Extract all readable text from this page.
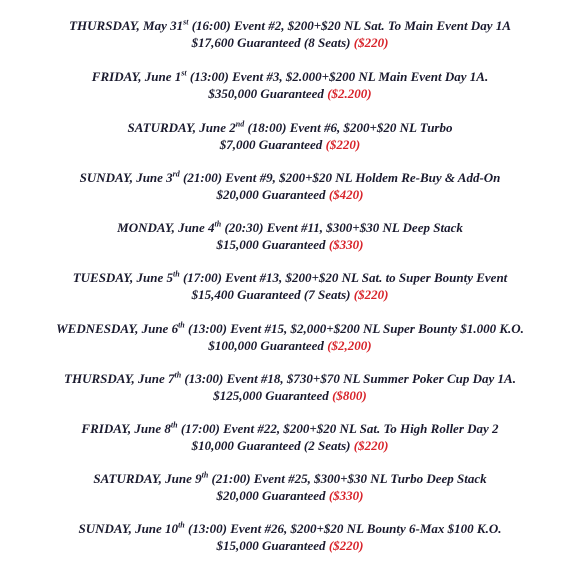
THURSDAY, May 31st (16:00) Event #2, $200+$20 NL Sat. To Main Event Day 1A
$17,600 Guaranteed (8 Seats) ($220)
FRIDAY, June 1st (13:00) Event #3, $2.000+$200 NL Main Event Day 1A.
$350,000 Guaranteed ($2.200)
SATURDAY, June 2nd (18:00) Event #6, $200+$20 NL Turbo
$7,000 Guaranteed ($220)
SUNDAY, June 3rd (21:00) Event #9, $200+$20 NL Holdem Re-Buy & Add-On
$20,000 Guaranteed ($420)
MONDAY, June 4th (20:30) Event #11, $300+$30 NL Deep Stack
$15,000 Guaranteed ($330)
TUESDAY, June 5th (17:00) Event #13, $200+$20 NL Sat. to Super Bounty Event
$15,400 Guaranteed (7 Seats) ($220)
WEDNESDAY, June 6th (13:00) Event #15, $2,000+$200 NL Super Bounty $1.000 K.O.
$100,000 Guaranteed ($2,200)
THURSDAY, June 7th (13:00) Event #18, $730+$70 NL Summer Poker Cup Day 1A.
$125,000 Guaranteed ($800)
FRIDAY, June 8th (17:00) Event #22, $200+$20 NL Sat. To High Roller Day 2
$10,000 Guaranteed (2 Seats) ($220)
SATURDAY, June 9th (21:00) Event #25, $300+$30 NL Turbo Deep Stack
$20,000 Guaranteed ($330)
SUNDAY, June 10th (13:00) Event #26, $200+$20 NL Bounty 6-Max $100 K.O.
$15,000 Guaranteed ($220)
